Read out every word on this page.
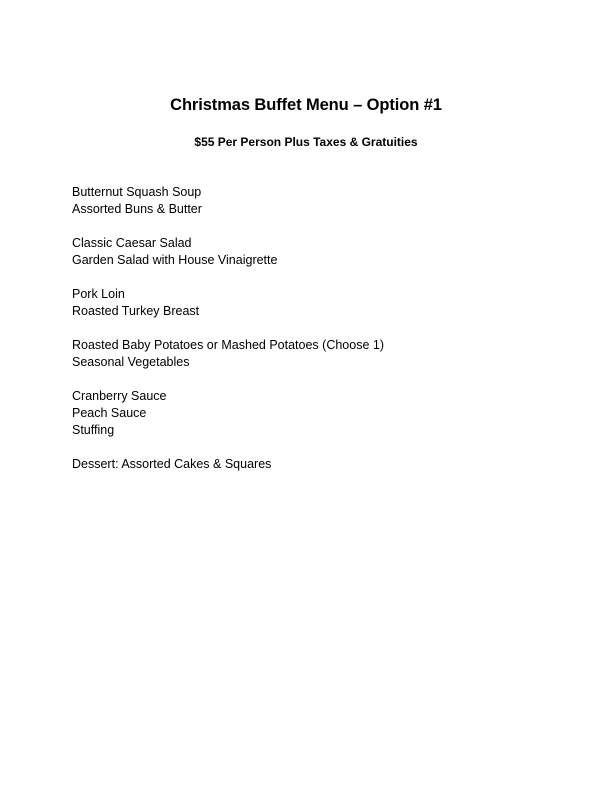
Christmas Buffet Menu – Option #1
$55 Per Person Plus Taxes & Gratuities
Butternut Squash Soup
Assorted Buns & Butter
Classic Caesar Salad
Garden Salad with House Vinaigrette
Pork Loin
Roasted Turkey Breast
Roasted Baby Potatoes or Mashed Potatoes (Choose 1)
Seasonal Vegetables
Cranberry Sauce
Peach Sauce
Stuffing
Dessert: Assorted Cakes & Squares
